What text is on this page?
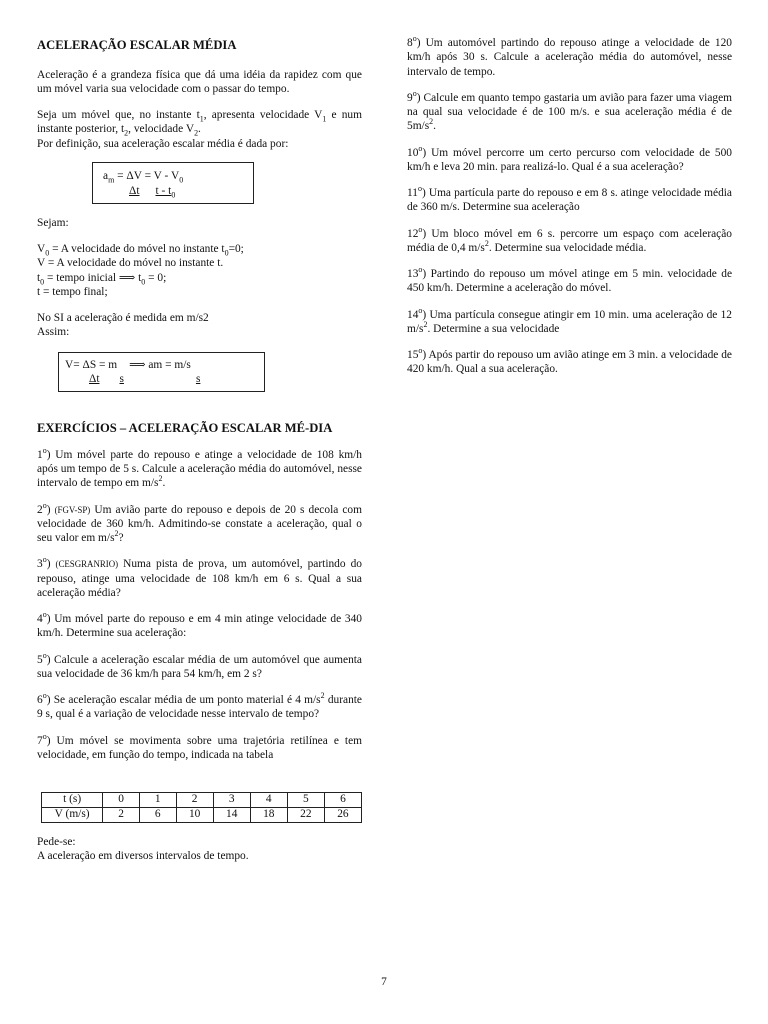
ACELERAÇÃO ESCALAR MÉDIA

Aceleração é a grandeza física que dá uma idéia da rapidez com que um móvel varia sua velocidade com o passar do tempo.

Seja um móvel que, no instante $t_1$, apresenta velocidade $V_1$ e num instante posterior, $t_2$, velocidade $V_2$.

Por definição, sua aceleração escalar média é dada por:

$a_m = \Delta V = V - V_0$
Δt t - $t_0$

Sejam:

$V_0 = A$ velocidade do móvel no instante $t_0=0$;

V = A velocidade do móvel no instante t.

$t_0$ = tempo inicial ⟹ $t_0 = 0$;

t = tempo final;

No SI a aceleração é medida em m/s2

Assim:

V= ΔS = m ⟹ am = m/s
Δt s	s
EXERCÍCIOS – ACELERAÇÃO ESCALAR MÉ-DIA

1$^o$) Um móvel parte do repouso e atinge a velocidade de 108 km/h após um tempo de 5 s. Calcule a aceleração média do automóvel, nesse intervalo de tempo em $m/s^2$.

2$^o$) (FGV-SP) Um avião parte do repouso e depois de 20 s decola com velocidade de 360 km/h. Admitindo-se constate a aceleração, qual o seu valor em $m/s^2$?

3$^o$) (CESGRANRIO) Numa pista de prova, um automóvel, partindo do repouso, atinge uma velocidade de 108 km/h em 6 s. Qual a sua aceleração média?

4$^o$) Um móvel parte do repouso e em 4 min atinge velocidade de 340 km/h. Determine sua aceleração:

5$^o$) Calcule a aceleração escalar média de um automóvel que aumenta sua velocidade de 36 km/h para 54 km/h, em 2 s?

6$^o$) Se aceleração escalar média de um ponto material é 4 $m/s^2$ durante 9 s, qual é a variação de velocidade nesse intervalo de tempo?

7$^o$) Um móvel se movimenta sobre uma trajetória retilínea e tem velocidade, em função do tempo, indicada na tabela

t (s)	0	1	2	3	4	5	6
V (m/s)	2	6	10	14	18	22	26

Pede-se:

A aceleração em diversos intervalos de tempo.

8$^o$) Um automóvel partindo do repouso atinge a velocidade de 120 km/h após 30 s. Calcule a aceleração média do automóvel, nesse intervalo de tempo.

9$^o$) Calcule em quanto tempo gastaria um avião para fazer uma viagem na qual sua velocidade é de 100 m/s. e sua aceleração média é de $5m/s^2$.

10$^o$) Um móvel percorre um certo percurso com velocidade de 500 km/h e leva 20 min. para realizá-lo. Qual é a sua aceleração?

11$^o$) Uma partícula parte do repouso e em 8 s. atinge velocidade média de 360 m/s. Determine sua aceleração

12$^o$) Um bloco móvel em 6 s. percorre um espaço com aceleração média de 0,4 $m/s^2$. Determine sua velocidade média.

13$^o$) Partindo do repouso um móvel atinge em 5 min. velocidade de 450 km/h. Determine a aceleração do móvel.

14$^o$) Uma partícula consegue atingir em 10 min. uma aceleração de 12 $m/s^2$. Determine a sua velocidade

15$^o$) Após partir do repouso um avião atinge em 3 min. a velocidade de 420 km/h. Qual a sua aceleração.

7
